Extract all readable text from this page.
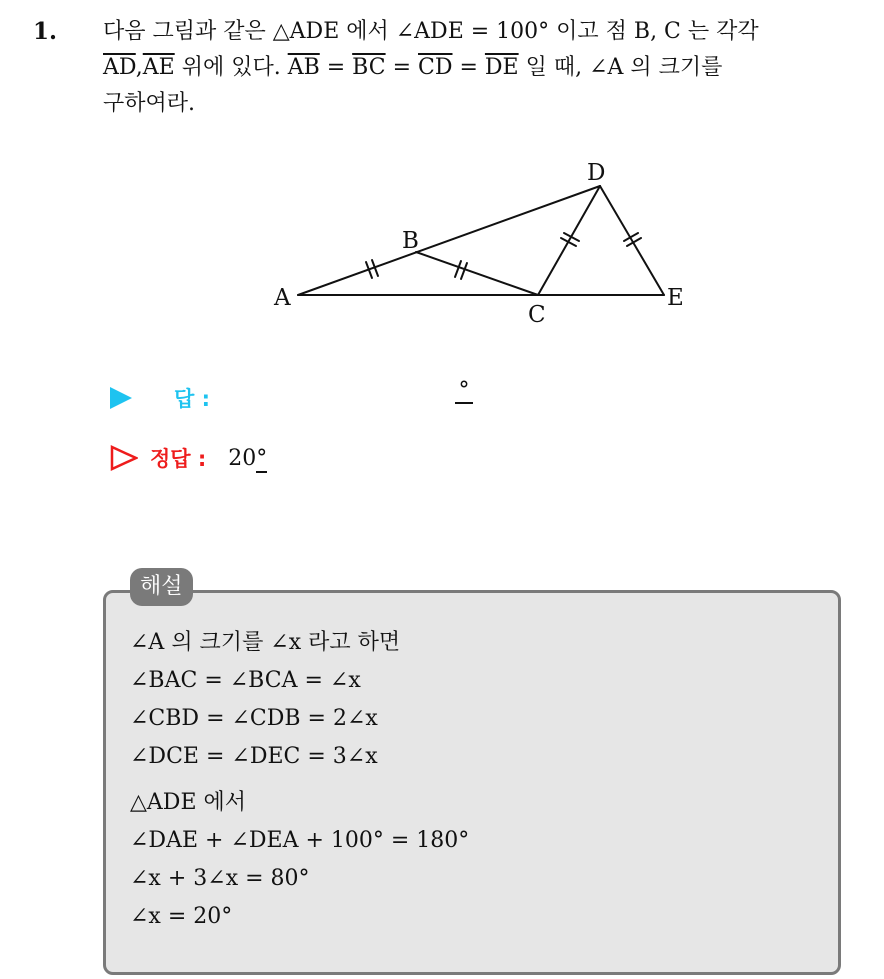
1. 다음 그림과 같은 △ADE 에서 ∠ADE = 100° 이고 점 B, C 는 각각
$\overline{AD},\overline{AE}$ 위에 있다. $\overline{AB} = \overline{BC} = \overline{CD} = \overline{DE}$ 일 때, ∠A 의 크기를
구하여라.
A
B
C
D
E
답 :	°
정답 : 20°
해설
∠A 의 크기를 ∠x 라고 하면
∠BAC = ∠BCA = ∠x
∠CBD = ∠CDB = 2∠x
∠DCE = ∠DEC = 3∠x
△ADE 에서
∠DAE + ∠DEA + 100° = 180°
∠x + 3∠x = 80°
∠x = 20°
